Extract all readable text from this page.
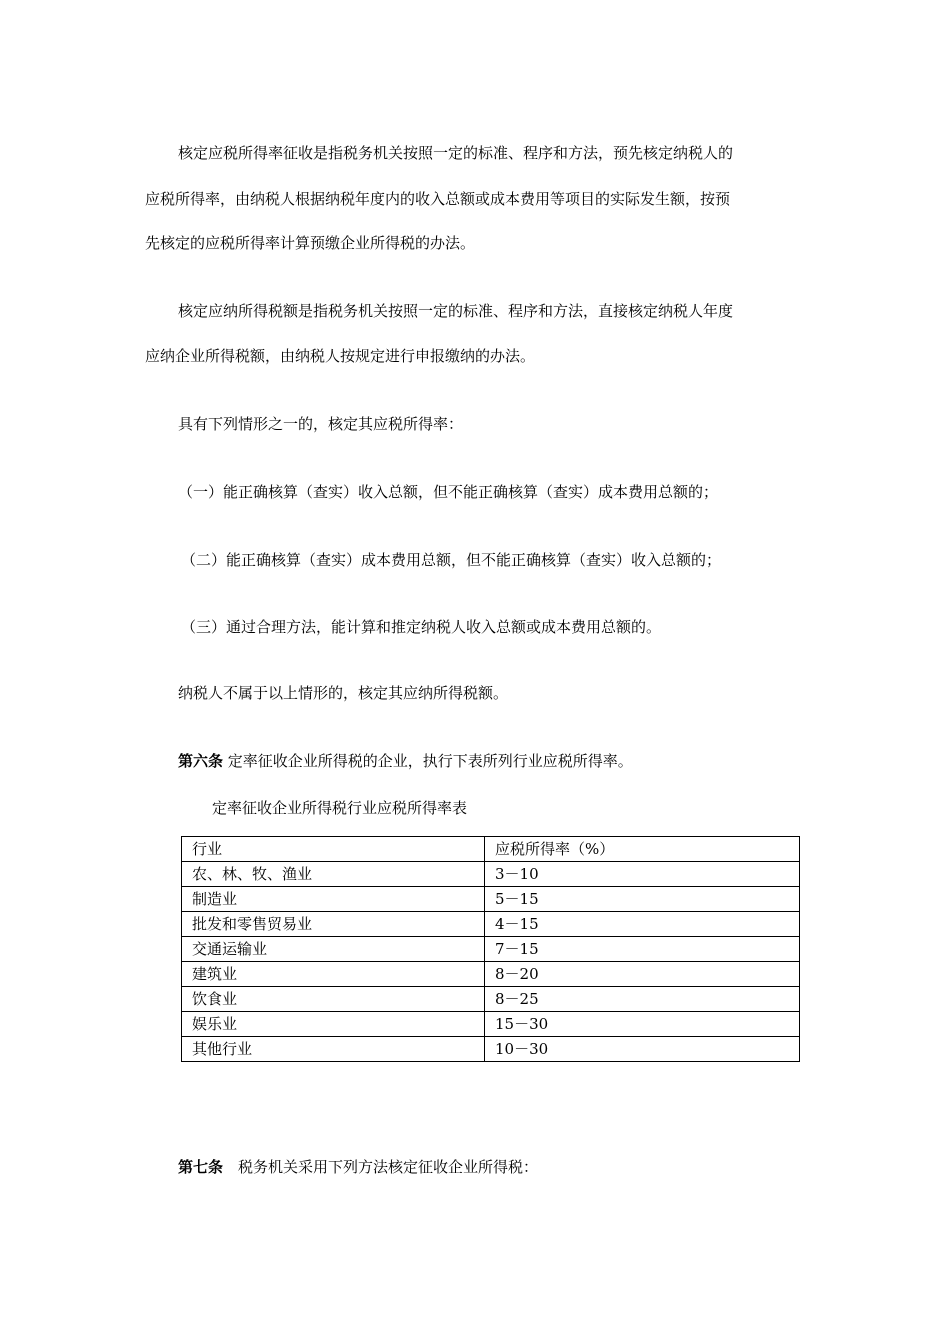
核定应税所得率征收是指税务机关按照一定的标准、程序和方法，预先核定纳税人的
应税所得率，由纳税人根据纳税年度内的收入总额或成本费用等项目的实际发生额，按预
先核定的应税所得率计算预缴企业所得税的办法。
核定应纳所得税额是指税务机关按照一定的标准、程序和方法，直接核定纳税人年度
应纳企业所得税额，由纳税人按规定进行申报缴纳的办法。
具有下列情形之一的，核定其应税所得率：
（一）能正确核算（查实）收入总额，但不能正确核算（查实）成本费用总额的；
（二）能正确核算（查实）成本费用总额，但不能正确核算（查实）收入总额的；
（三）通过合理方法，能计算和推定纳税人收入总额或成本费用总额的。
纳税人不属于以上情形的，核定其应纳所得税额。
第六条 定率征收企业所得税的企业，执行下表所列行业应税所得率。
定率征收企业所得税行业应税所得率表
行业	应税所得率（%）
农、林、牧、渔业	3－10
制造业	5－15
批发和零售贸易业	4－15
交通运输业	7－15
建筑业	8－20
饮食业	8－25
娱乐业	15－30
其他行业	10－30
第七条　税务机关采用下列方法核定征收企业所得税：
